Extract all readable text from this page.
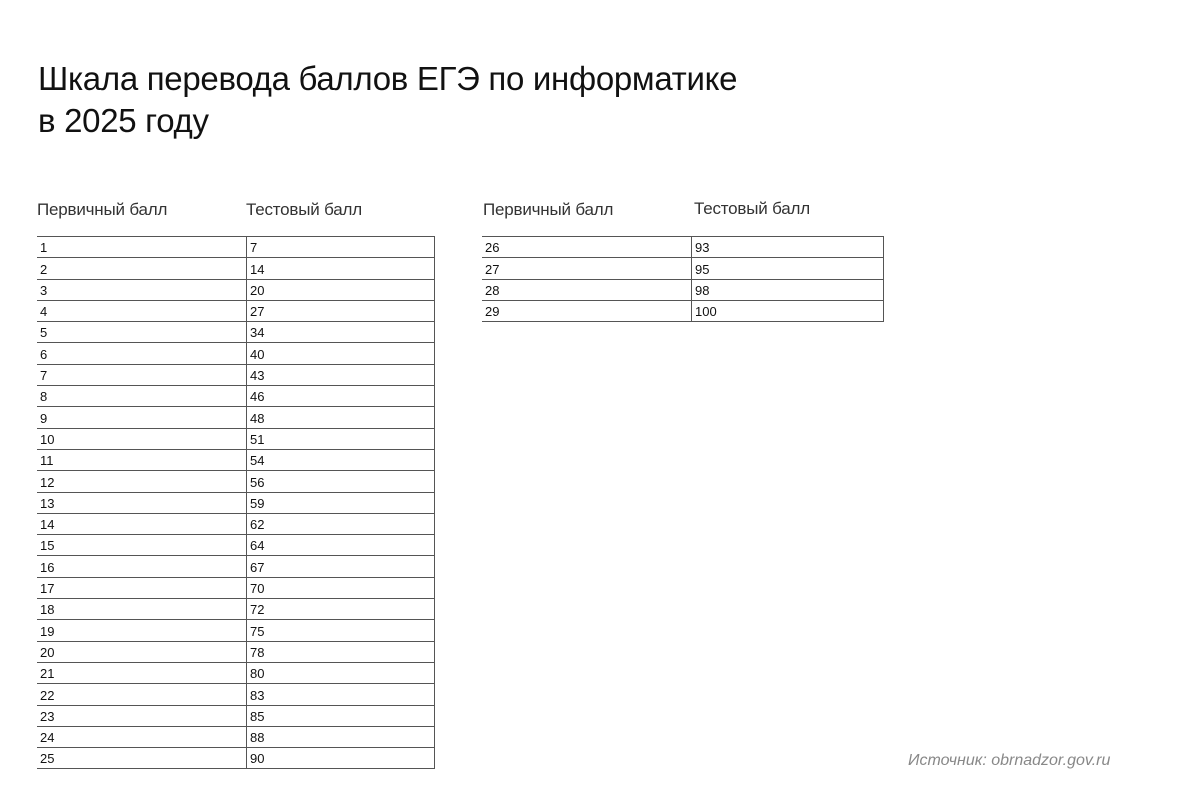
Шкала перевода баллов ЕГЭ по информатике
в 2025 году
Первичный балл	Тестовый балл	Первичный балл	Тестовый балл
1	7
2	14
3	20
4	27
5	34
6	40
7	43
8	46
9	48
10	51
11	54
12	56
13	59
14	62
15	64
16	67
17	70
18	72
19	75
20	78
21	80
22	83
23	85
24	88
25	90
26	93
27	95
28	98
29	100
Источник: obrnadzor.gov.ru
